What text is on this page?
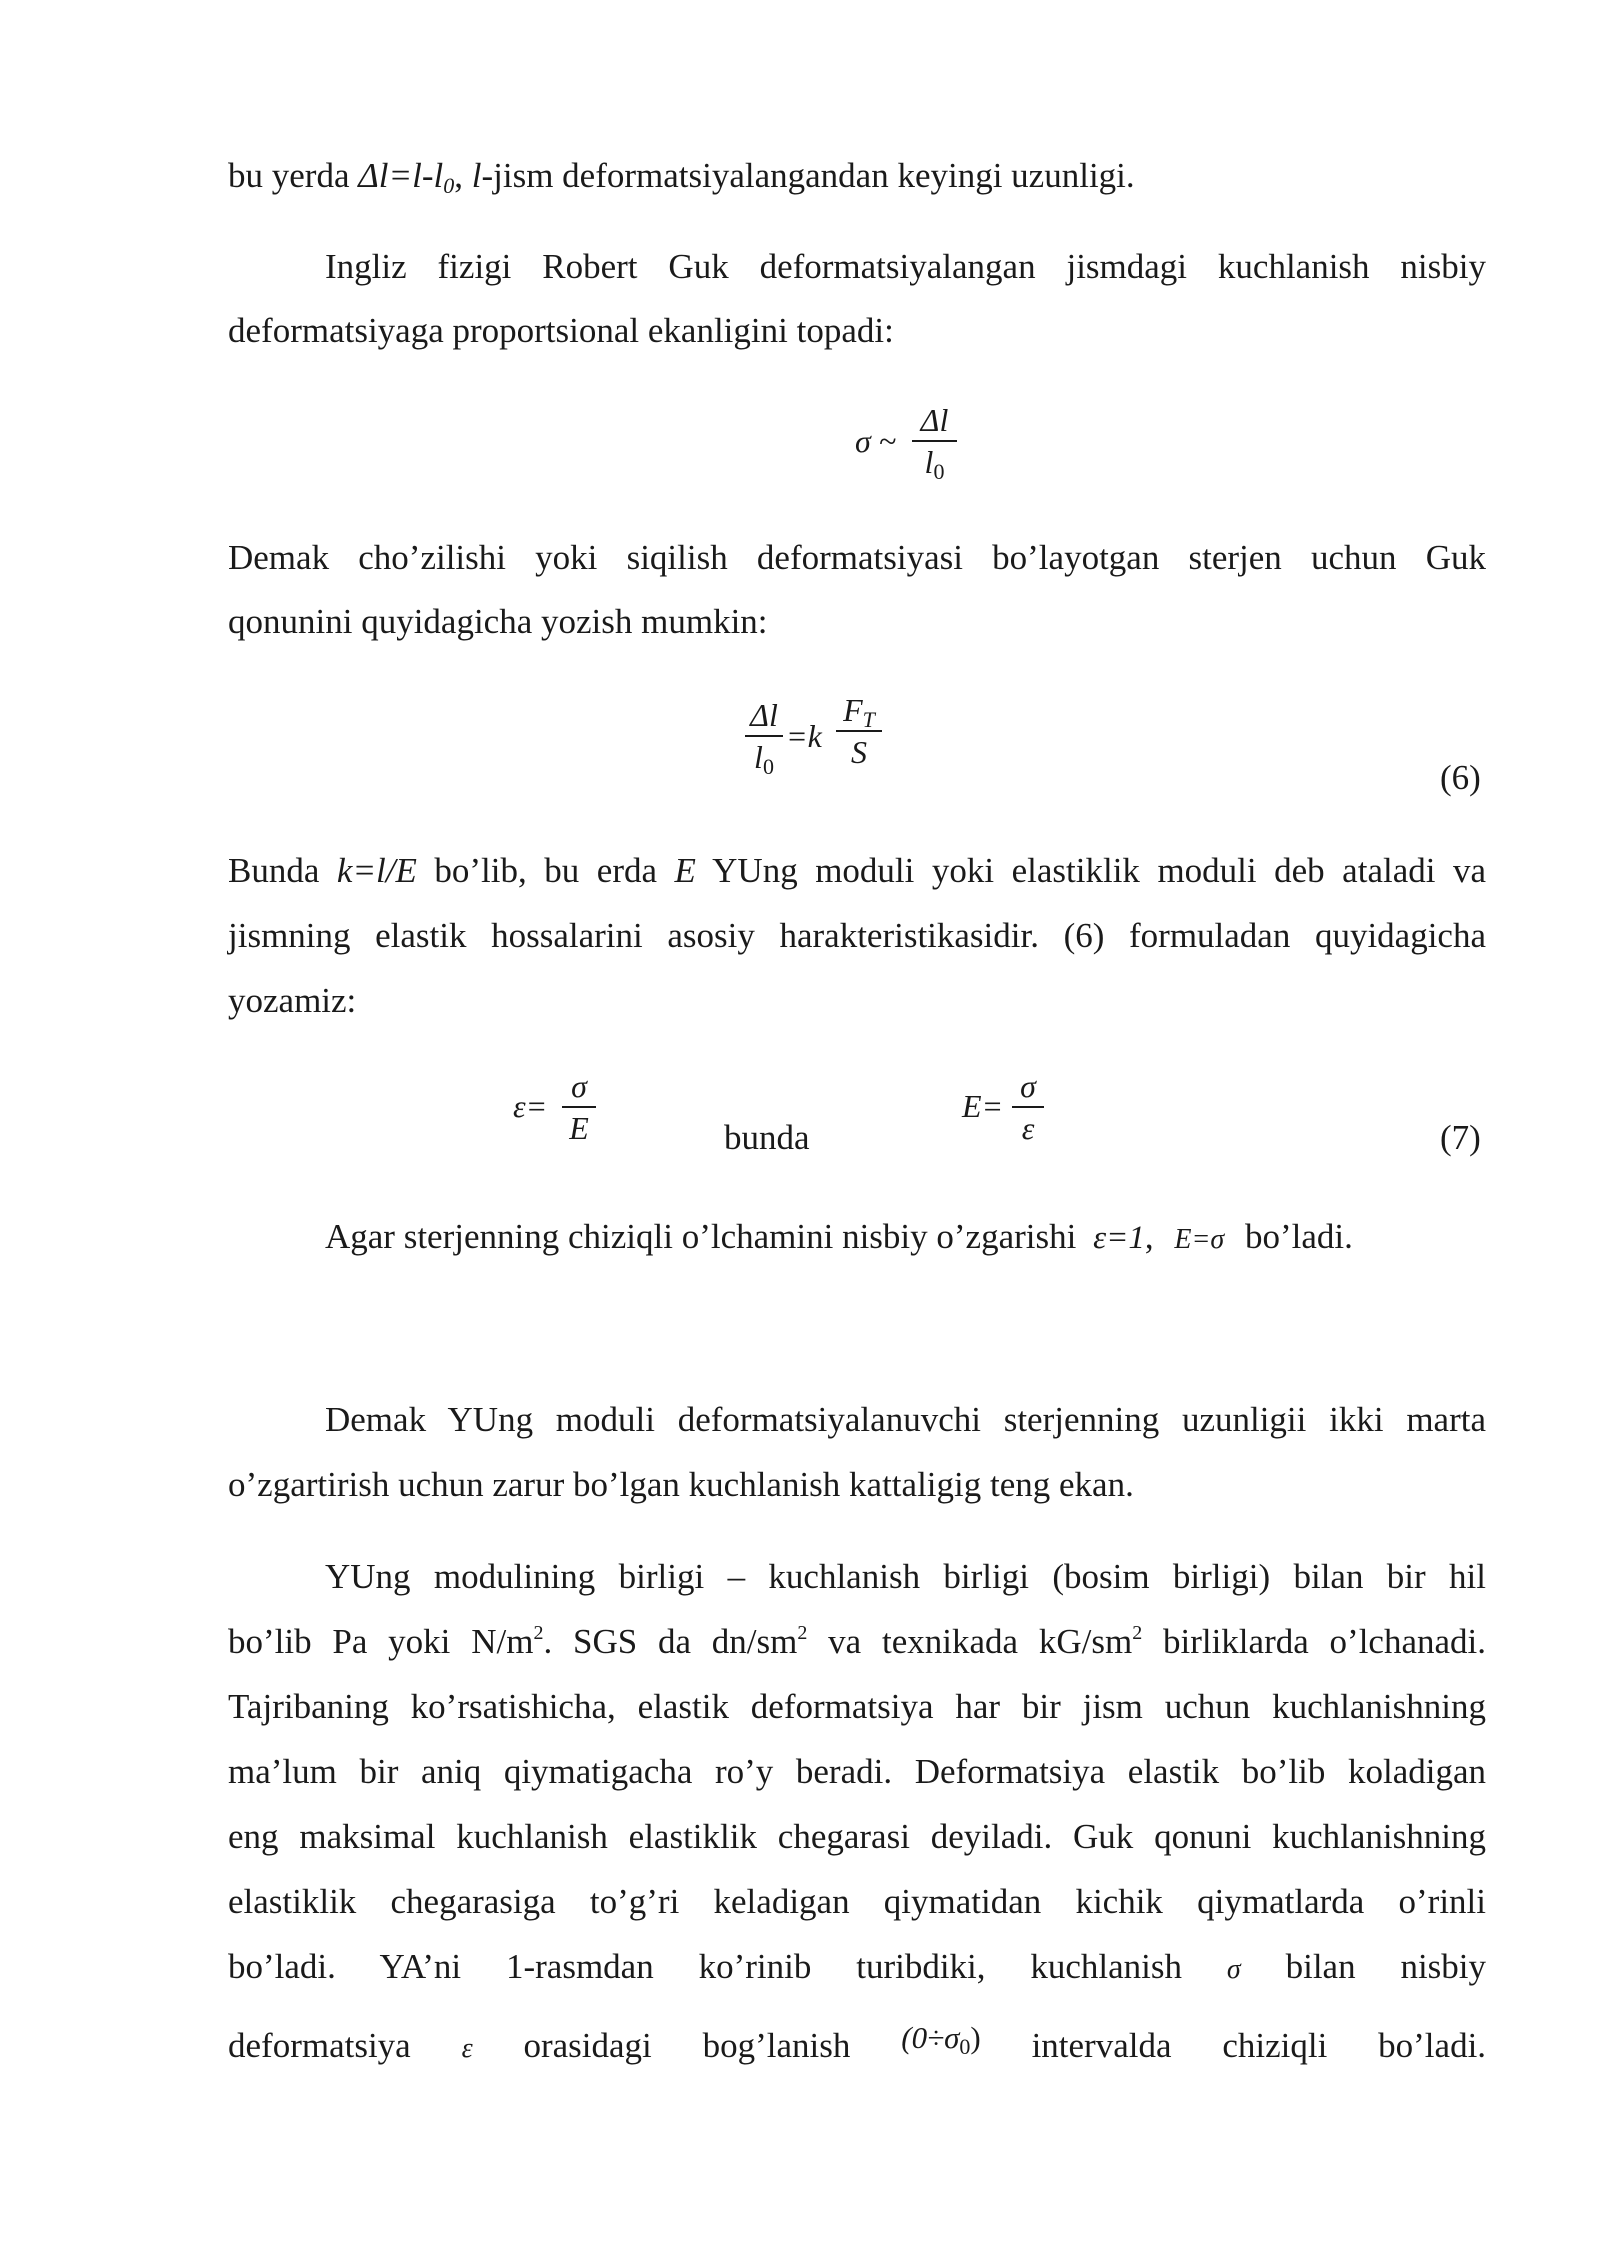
bu yerda $\Delta l=l-l_0$, l-jism deformatsiyalangandan keyingi uzunligi.
Ingliz fizigi Robert Guk deformatsiyalangan jismdagi kuchlanish nisbiy
deformatsiyaga proportsional ekanligini topadi:
σ ~
Δl
$l_0$
Demak cho’zilishi yoki siqilish deformatsiyasi bo’layotgan sterjen uchun Guk
qonunini quyidagicha yozish mumkin:
Δl
$l_0$
=k
$F_T$
S
(6)
Bunda k=l/E bo’lib, bu erda E YUng moduli yoki elastiklik moduli deb ataladi va
jismning elastik hossalarini asosiy harakteristikasidir. (6) formuladan quyidagicha
yozamiz:
ε=
σ
E	bunda
E=
σ
ε	(7)
Agar sterjenning chiziqli o’lchamini nisbiy o’zgarishi ε=1, E=σ bo’ladi.
Demak YUng moduli deformatsiyalanuvchi sterjenning uzunligii ikki marta
o’zgartirish uchun zarur bo’lgan kuchlanish kattaligig teng ekan.
YUng modulining birligi – kuchlanish birligi (bosim birligi) bilan bir hil
bo’lib Pa yoki $N/m^2$. SGS da $dn/sm^2$ va texnikada $kG/sm^2$ birliklarda o’lchanadi.
Tajribaning ko’rsatishicha, elastik deformatsiya har bir jism uchun kuchlanishning
ma’lum bir aniq qiymatigacha ro’y beradi. Deformatsiya elastik bo’lib koladigan
eng maksimal kuchlanish elastiklik chegarasi deyiladi. Guk qonuni kuchlanishning
elastiklik chegarasiga to’g’ri keladigan qiymatidan kichik qiymatlarda o’rinli
bo’ladi. YA’ni 1-rasmdan ko’rinib turibdiki, kuchlanish σ bilan nisbiy
deformatsiya ε orasidagi bog’lanish $(0\div\sigma_0)$ intervalda chiziqli bo’ladi.
